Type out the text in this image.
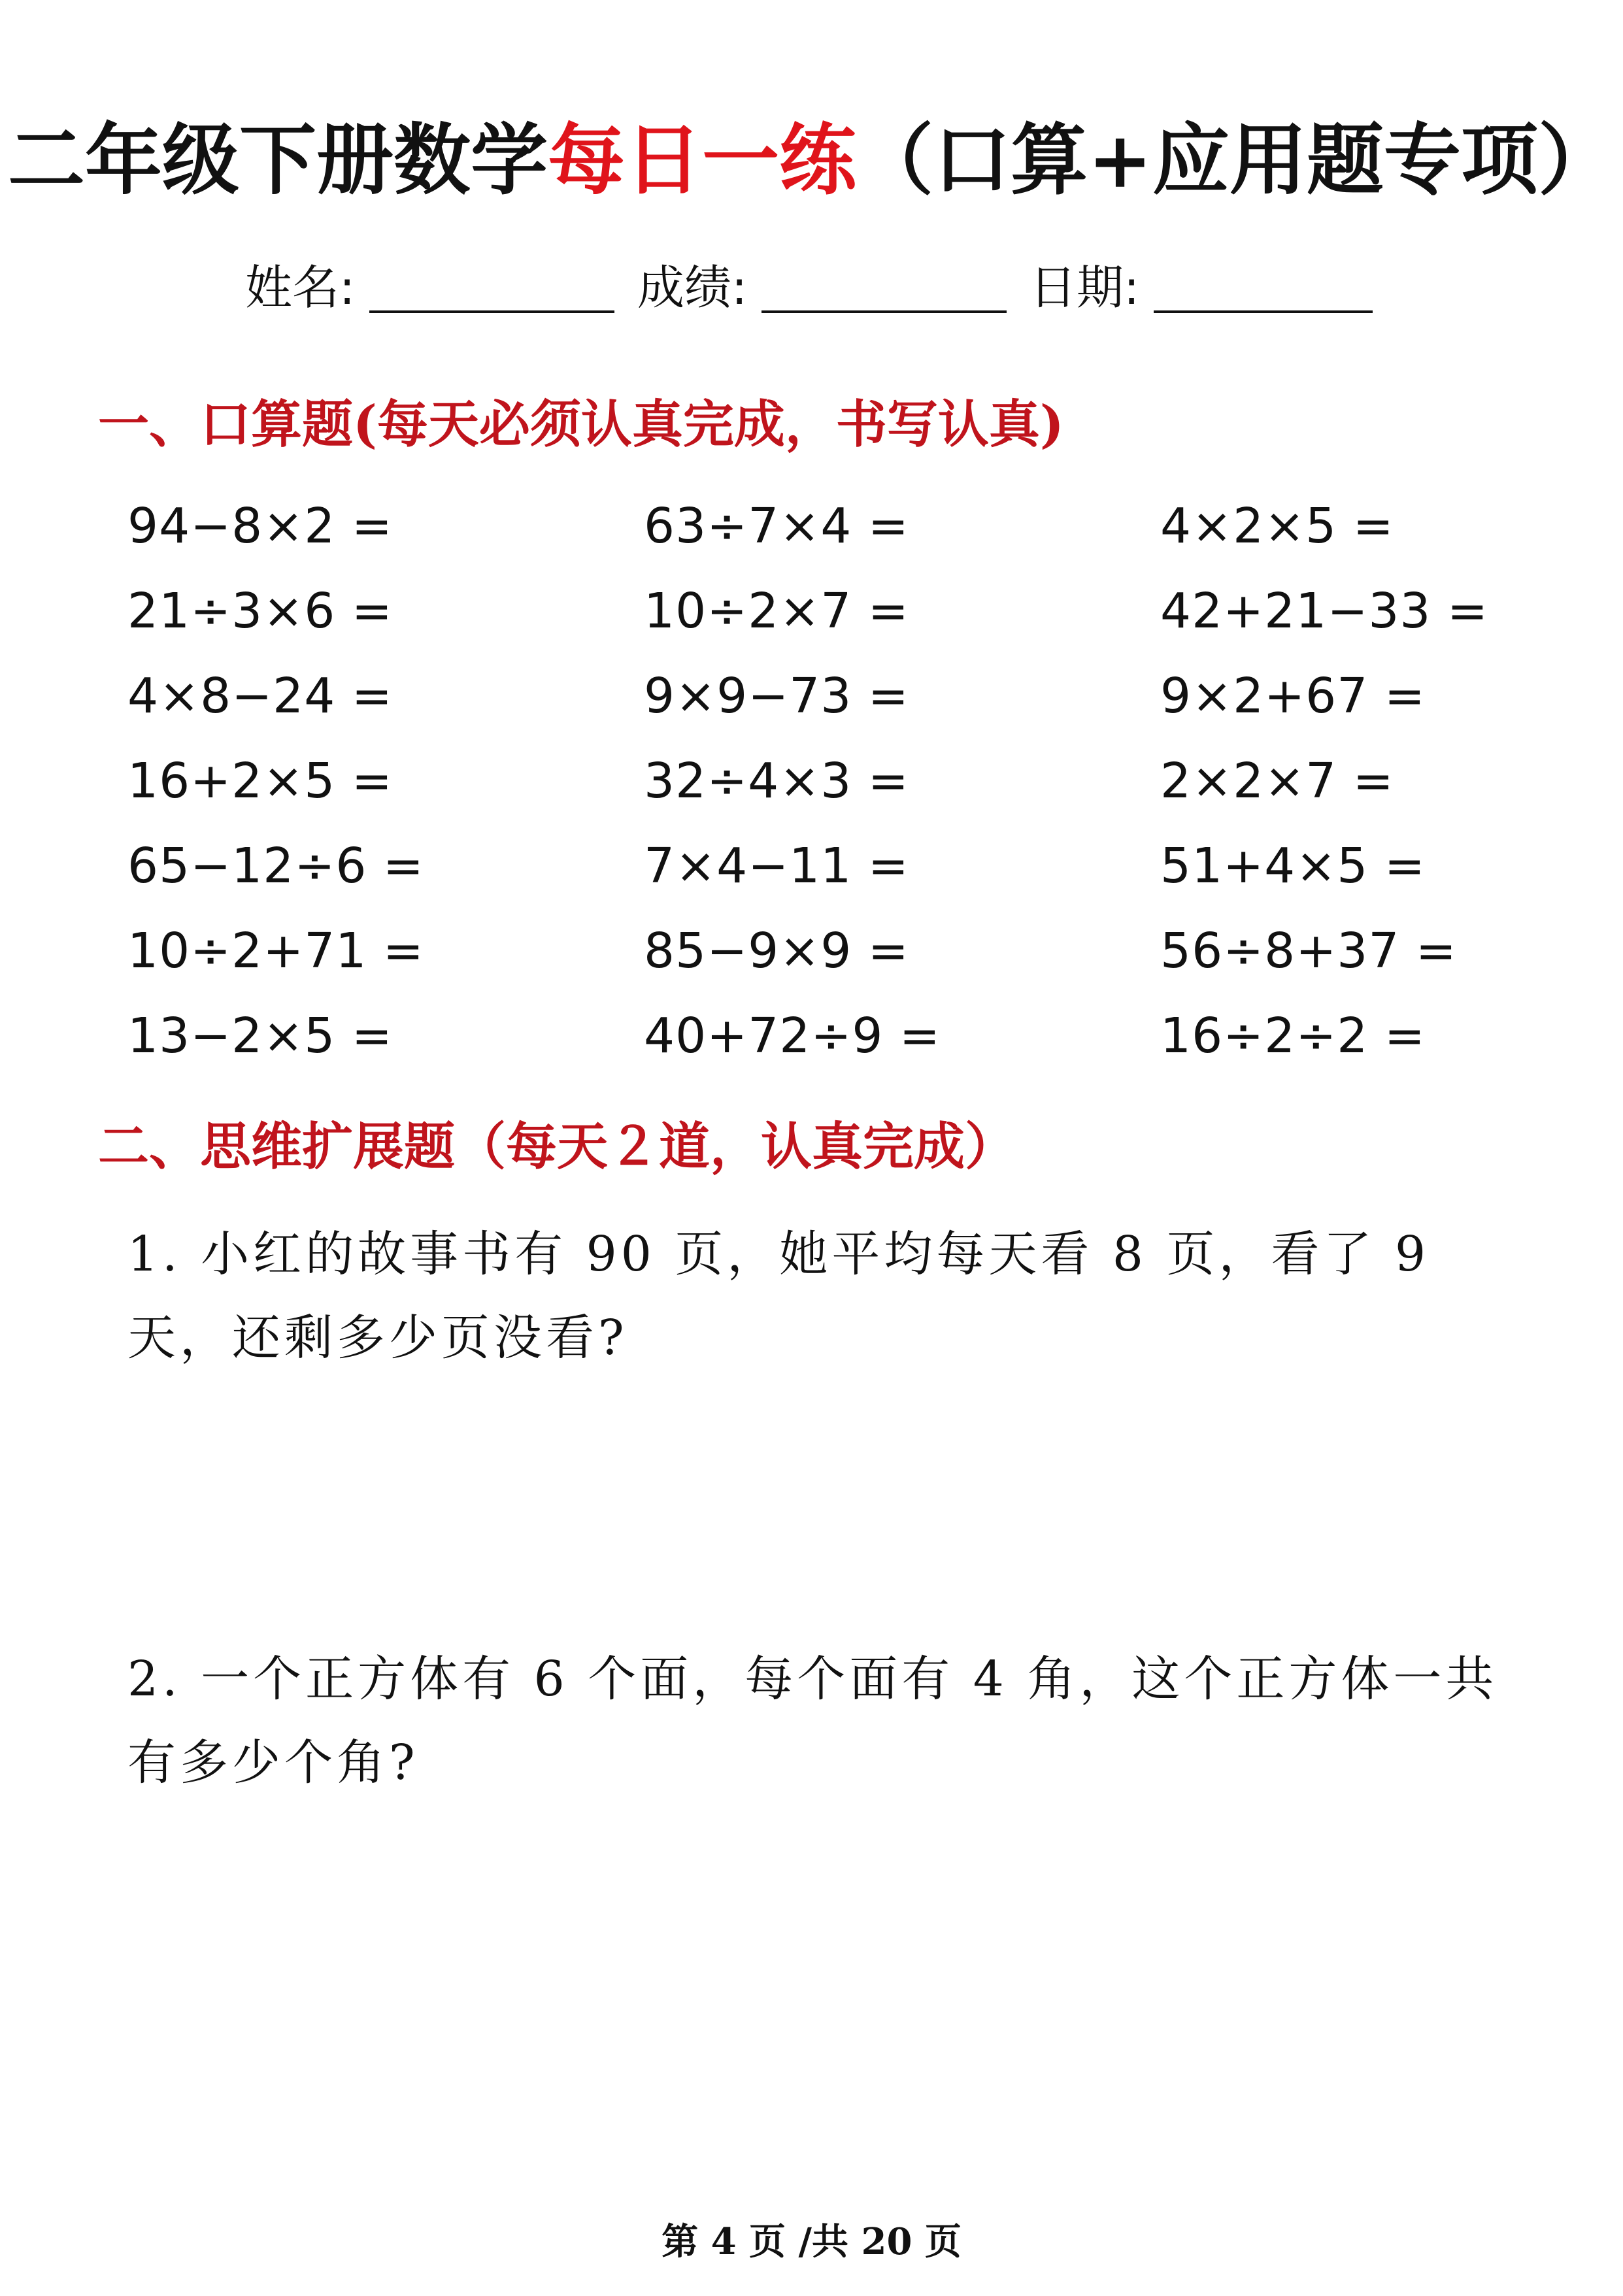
二年级下册数学每日一练（口算+应用题专项）
姓名:	成绩:	日期:
一、口算题(每天必须认真完成，书写认真)
94−8×2 =
21÷3×6 =
4×8−24 =
16+2×5 =
65−12÷6 =
10÷2+71 =
13−2×5 =
63÷7×4 =
10÷2×7 =
9×9−73 =
32÷4×3 =
7×4−11 =
85−9×9 =
40+72÷9 =
4×2×5 =
42+21−33 =
9×2+67 =
2×2×7 =
51+4×5 =
56÷8+37 =
16÷2÷2 =
二、思维扩展题（每天２道，认真完成）
1. 小红的故事书有 90 页，她平均每天看 8 页，看了 9 天，还剩多少页没看?
2. 一个正方体有 6 个面，每个面有 4 角，这个正方体一共有多少个角?
第 4 页 /共 20 页
